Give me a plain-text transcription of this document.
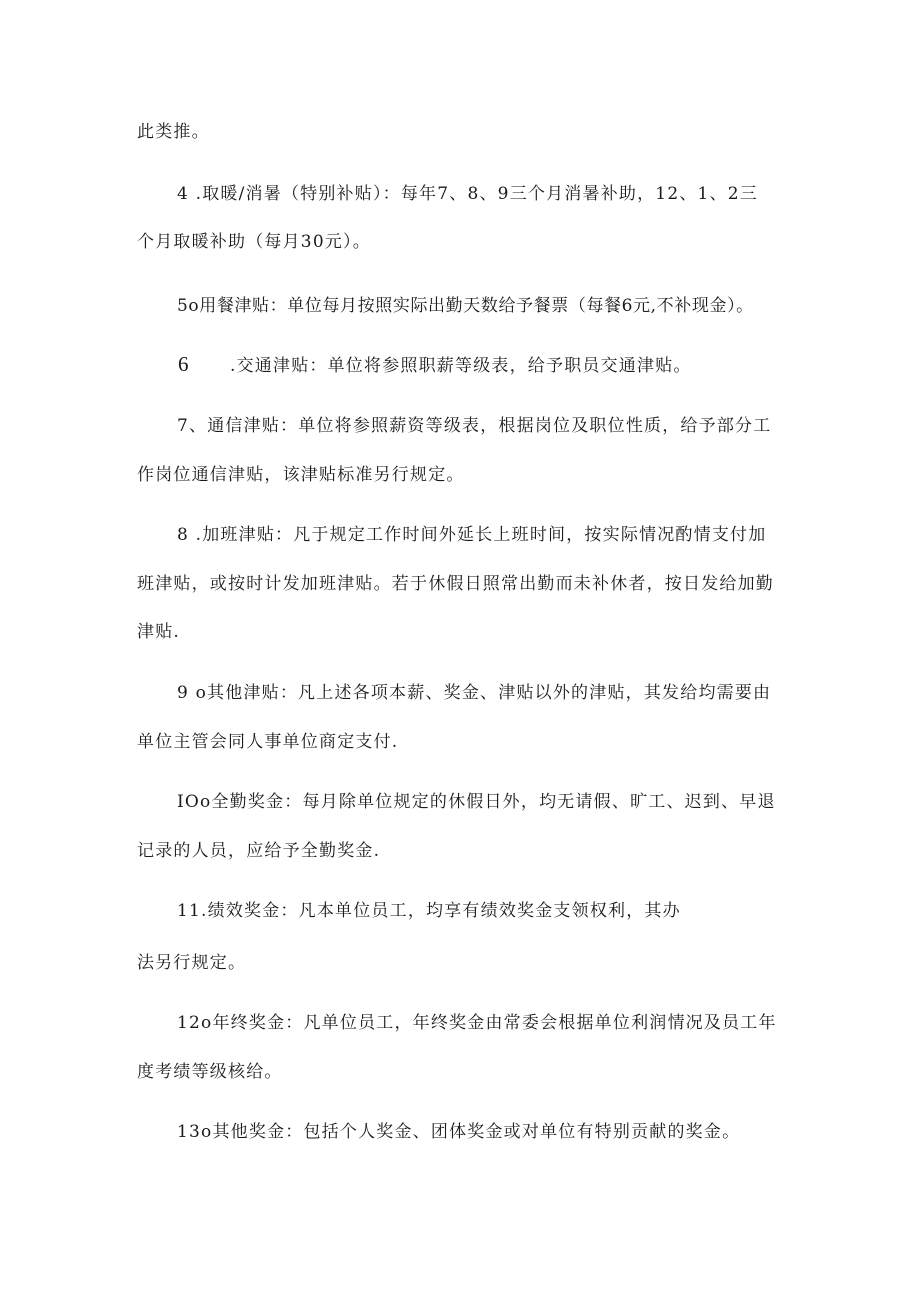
此类推。
4 .取暖/消暑（特别补贴）：每年7、8、9三个月消暑补助，12、1、2三
个月取暖补助（每月30元）。
5o用餐津贴：单位每月按照实际出勤天数给予餐票（每餐6元,不补现金）。
6 .交通津贴：单位将参照职薪等级表，给予职员交通津贴。
7、通信津贴：单位将参照薪资等级表，根据岗位及职位性质，给予部分工
作岗位通信津贴，该津贴标准另行规定。
8 .加班津贴：凡于规定工作时间外延长上班时间，按实际情况酌情支付加
班津贴，或按时计发加班津贴。若于休假日照常出勤而未补休者，按日发给加勤
津贴.
9 o其他津贴：凡上述各项本薪、奖金、津贴以外的津贴，其发给均需要由
单位主管会同人事单位商定支付.
IOo全勤奖金：每月除单位规定的休假日外，均无请假、旷工、迟到、早退
记录的人员，应给予全勤奖金.
11.绩效奖金：凡本单位员工，均享有绩效奖金支领权利，其办
法另行规定。
12o年终奖金：凡单位员工，年终奖金由常委会根据单位利润情况及员工年
度考绩等级核给。
13o其他奖金：包括个人奖金、团体奖金或对单位有特别贡献的奖金。
